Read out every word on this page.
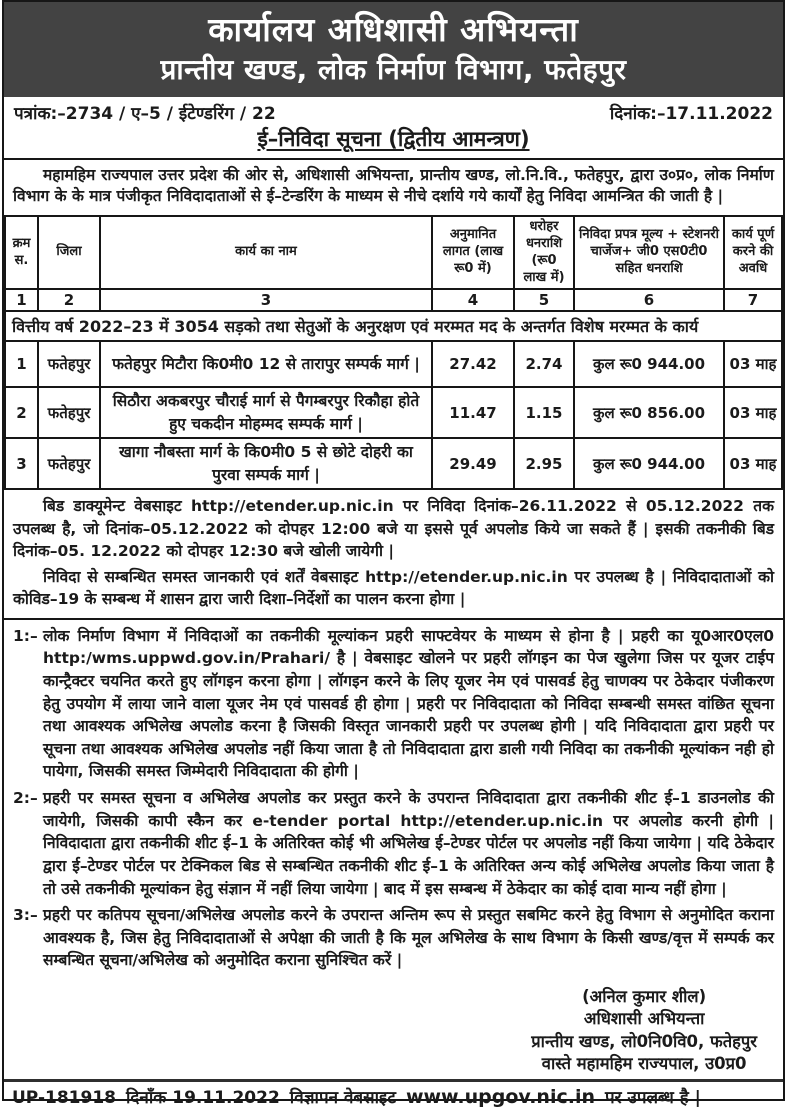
कार्यालय अधिशासी अभियन्ता
प्रान्तीय खण्ड, लोक निर्माण विभाग, फतेहपुर
पत्रांक:–2734 / ए–5 / ईटेण्डरिंग / 22	दिनांक:–17.11.2022
ई–निविदा सूचना (द्वितीय आमन्त्रण)
महामहिम राज्यपाल उत्तर प्रदेश की ओर से, अधिशासी अभियन्ता, प्रान्तीय खण्ड, लो.नि.वि., फतेहपुर, द्वारा उ०प्र०, लोक निर्माण विभाग के के मात्र पंजीकृत निविदादाताओं से ई–टेन्डरिंग के माध्यम से नीचे दर्शाये गये कार्यों हेतु निविदा आमन्त्रित की जाती है |
क्रम स.	जिला	कार्य का नाम	अनुमानित लागत (लाख रू0 में)	धरोहर धनराशि (रू0 लाख में)	निविदा प्रपत्र मूल्य + स्टेशनरी चार्जेज+ जी0 एस0टी0 सहित धनराशि	कार्य पूर्ण करने की अवधि
1	2	3	4	5	6	7
वित्तीय वर्ष 2022–23 में 3054 सड़को तथा सेतुओं के अनुरक्षण एवं मरम्मत मद के अन्तर्गत विशेष मरम्मत के कार्य						
1	फतेहपुर	फतेहपुर मिटौरा कि0मी0 12 से तारापुर सम्पर्क मार्ग |	27.42	2.74	कुल रू0 944.00	03 माह
2	फतेहपुर	सिठौरा अकबरपुर चौराई मार्ग से पैगम्बरपुर रिकौहा होते हुए चकदीन मोहम्मद सम्पर्क मार्ग |	11.47	1.15	कुल रू0 856.00	03 माह
3	फतेहपुर	खागा नौबस्ता मार्ग के कि0मी0 5 से छोटे दोहरी का पुरवा सम्पर्क मार्ग |	29.49	2.95	कुल रू0 944.00	03 माह

बिड डाक्यूमेन्ट वेबसाइट http://etender.up.nic.in पर निविदा दिनांक–26.11.2022 से 05.12.2022 तक उपलब्ध है, जो दिनांक–05.12.2022 को दोपहर 12:00 बजे या इससे पूर्व अपलोड किये जा सकते हैं | इसकी तकनीकी बिड दिनांक–05. 12.2022 को दोपहर 12:30 बजे खोली जायेगी |

निविदा से सम्बन्धित समस्त जानकारी एवं शर्तें वेबसाइट http://etender.up.nic.in पर उपलब्ध है | निविदादाताओं को कोविड–19 के सम्बन्ध में शासन द्वारा जारी दिशा–निर्देशों का पालन करना होगा |

1:– लोक निर्माण विभाग में निविदाओं का तकनीकी मूल्यांकन प्रहरी साफ्टवेयर के माध्यम से होना है | प्रहरी का यू0आर0एल0 http:/wms.uppwd.gov.in/Prahari/ है | वेबसाइट खोलने पर प्रहरी लॉगइन का पेज खुलेगा जिस पर यूजर टाईप कान्ट्रैक्टर चयनित करते हुए लॉगइन करना होगा | लॉगइन करने के लिए यूजर नेम एवं पासवर्ड हेतु चाणक्य पर ठेकेदार पंजीकरण हेतु उपयोग में लाया जाने वाला यूजर नेम एवं पासवर्ड ही होगा | प्रहरी पर निविदादाता को निविदा सम्बन्धी समस्त वांछित सूचना तथा आवश्यक अभिलेख अपलोड करना है जिसकी विस्तृत जानकारी प्रहरी पर उपलब्ध होगी | यदि निविदादाता द्वारा प्रहरी पर सूचना तथा आवश्यक अभिलेख अपलोड नहीं किया जाता है तो निविदादाता द्वारा डाली गयी निविदा का तकनीकी मूल्यांकन नही हो पायेगा, जिसकी समस्त जिम्मेदारी निविदादाता की होगी |
2:– प्रहरी पर समस्त सूचना व अभिलेख अपलोड कर प्रस्तुत करने के उपरान्त निविदादाता द्वारा तकनीकी शीट ई–1 डाउनलोड की जायेगी, जिसकी कापी स्कैन कर e-tender portal http://etender.up.nic.in पर अपलोड करनी होगी | निविदादाता द्वारा तकनीकी शीट ई–1 के अतिरिक्त कोई भी अभिलेख ई–टेण्डर पोर्टल पर अपलोड नहीं किया जायेगा | यदि ठेकेदार द्वारा ई–टेण्डर पोर्टल पर टेक्निकल बिड से सम्बन्धित तकनीकी शीट ई–1 के अतिरिक्त अन्य कोई अभिलेख अपलोड किया जाता है तो उसे तकनीकी मूल्यांकन हेतु संज्ञान में नहीं लिया जायेगा | बाद में इस सम्बन्ध में ठेकेदार का कोई दावा मान्य नहीं होगा |
3:– प्रहरी पर कतिपय सूचना/अभिलेख अपलोड करने के उपरान्त अन्तिम रूप से प्रस्तुत सबमिट करने हेतु विभाग से अनुमोदित कराना आवश्यक है, जिस हेतु निविदादाताओं से अपेक्षा की जाती है कि मूल अभिलेख के साथ विभाग के किसी खण्ड/वृत्त में सम्पर्क कर सम्बन्धित सूचना/अभिलेख को अनुमोदित कराना सुनिश्चित करें |
(अनिल कुमार शील)
अधिशासी अभियन्ता
प्रान्तीय खण्ड, लो0नि0वि0, फतेहपुर
वास्ते महामहिम राज्यपाल, उ0प्र0
UP-181918 दिनाँक 19.11.2022 विज्ञापन वेबसाइट www.upgov.nic.in पर उपलब्ध है |
